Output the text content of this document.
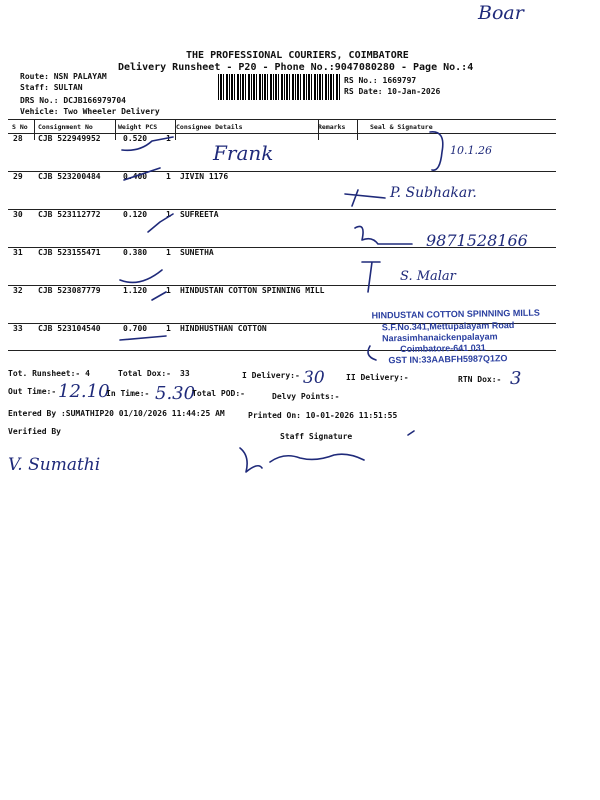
Boar
THE PROFESSIONAL COURIERS, COIMBATORE
Delivery Runsheet - P20 - Phone No.:9047080280 - Page No.:4
Route: NSN PALAYAM
Staff: SULTAN
DRS No.: DCJB166979704
Vehicle: Two Wheeler Delivery
RS No.: 1669797
RS Date: 10-Jan-2026
S No Consignment No	Weight PCS	Consignee Details	Remarks	Seal & Signature
28 CJB 522949952	0.520 1
Frank	10.1.26
29 CJB 523200484	0.400 1 JIVIN 1176
P. Subhakar.
30 CJB 523112772	0.120 1 SUFREETA
9871528166
31 CJB 523155471	0.380 1 SUNETHA
S. Malar
32 CJB 523087779	1.120 1 HINDUSTAN COTTON SPINNING MILL
33 CJB 523104540	0.700 1 HINDHUSTHAN COTTON
HINDUSTAN COTTON SPINNING MILLS
S.F.No.341,Mettupalayam Road
Narasimhanaickenpalayam
Coimbatore-641 031
GST IN:33AABFH5987Q1ZO
Tot. Runsheet:- 4	Total Dox:- 33	I Delivery:- 30	II Delivery:-	RTN Dox:- 3
Out Time:- 12.10
In Time:- 5.30
Total POD:-	Delvy Points:-
Entered By :SUMATHIP20 01/10/2026 11:44:25 AM	Printed On: 10-01-2026 11:51:55
Verified By
V. Sumathi
Staff Signature
